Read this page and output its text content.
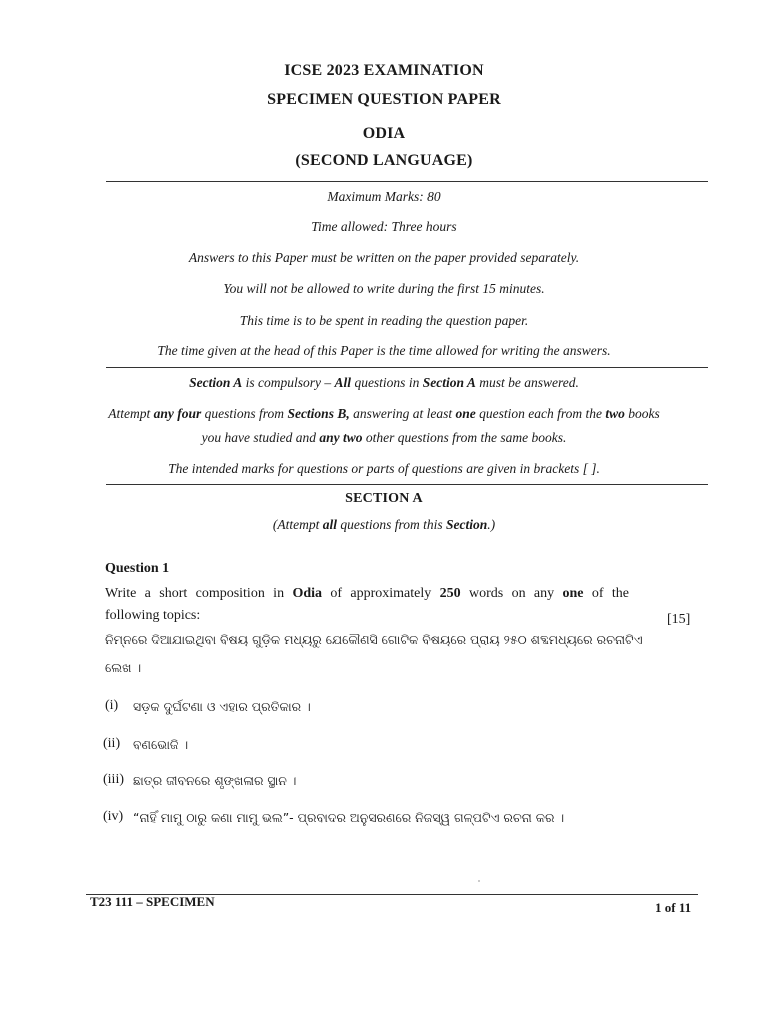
ICSE 2023 EXAMINATION
SPECIMEN QUESTION PAPER
ODIA
(SECOND LANGUAGE)
Maximum Marks: 80
Time allowed: Three hours
Answers to this Paper must be written on the paper provided separately.
You will not be allowed to write during the first 15 minutes.
This time is to be spent in reading the question paper.
The time given at the head of this Paper is the time allowed for writing the answers.
Section A is compulsory – All questions in Section A must be answered.
Attempt any four questions from Sections B, answering at least one question each from the two books
you have studied and any two other questions from the same books.
The intended marks for questions or parts of questions are given in brackets [ ].
SECTION A
(Attempt all questions from this Section.)
Question 1
Write a short composition in Odia of approximately 250 words on any one of the
following topics:	[15]
ନିମ୍ନରେ ଦିଆଯାଇଥିବା ବିଷୟ ଗୁଡ଼ିକ ମଧ୍ୟରୁ ଯେକୌଣସି ଗୋଟିକ ବିଷୟରେ ପ୍ରାୟ ୨୫୦ ଶବ୍ଦମଧ୍ୟରେ ରଚନାଟିଏ
ଲେଖ ।
(i) ସଡ଼କ ଦୁର୍ଘଟଣା ଓ ଏହାର ପ୍ରତିକାର ।
(ii) ବଣଭୋଜି ।
(iii) ଛାତ୍ର ଜୀବନରେ ଶୃଙ୍ଖଳାର ସ୍ଥାନ ।
(iv) “ନାହିଁ ମାମୁ ଠାରୁ କଣା ମାମୁ ଭଲ”- ପ୍ରବାଦର ଅନୁସରଣରେ ନିଜସ୍ୱ ଗଳ୍ପଟିଏ ରଚନା କର ।
T23 111 – SPECIMEN	1 of 11
